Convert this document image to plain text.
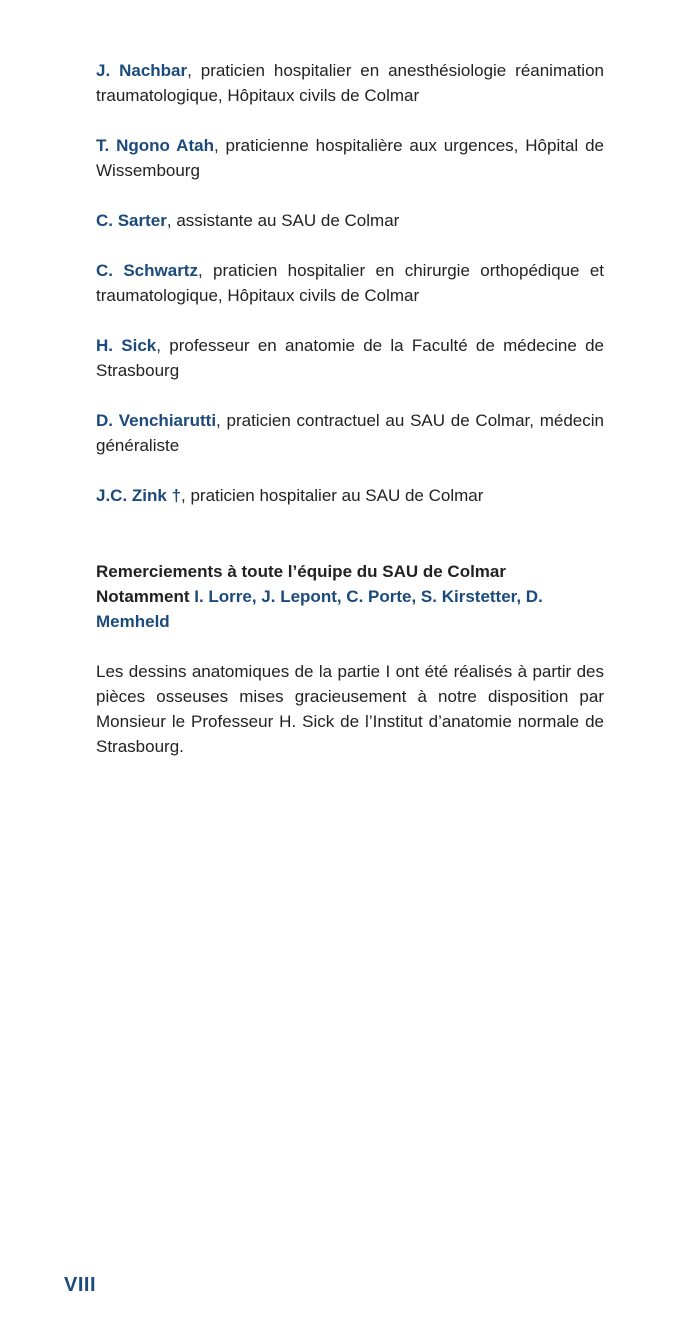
J. Nachbar, praticien hospitalier en anesthésiologie réanimation traumatologique, Hôpitaux civils de Colmar

T. Ngono Atah, praticienne hospitalière aux urgences, Hôpital de Wissembourg

C. Sarter, assistante au SAU de Colmar

C. Schwartz, praticien hospitalier en chirurgie orthopédique et traumatologique, Hôpitaux civils de Colmar

H. Sick, professeur en anatomie de la Faculté de médecine de Strasbourg

D. Venchiarutti, praticien contractuel au SAU de Colmar, médecin généraliste

J.C. Zink †, praticien hospitalier au SAU de Colmar

Remerciements à toute l’équipe du SAU de Colmar
Notamment I. Lorre, J. Lepont, C. Porte, S. Kirstetter, D. Memheld

Les dessins anatomiques de la partie I ont été réalisés à partir des pièces osseuses mises gracieusement à notre disposition par Monsieur le Professeur H. Sick de l’Institut d’anatomie normale de Strasbourg.

VIII
